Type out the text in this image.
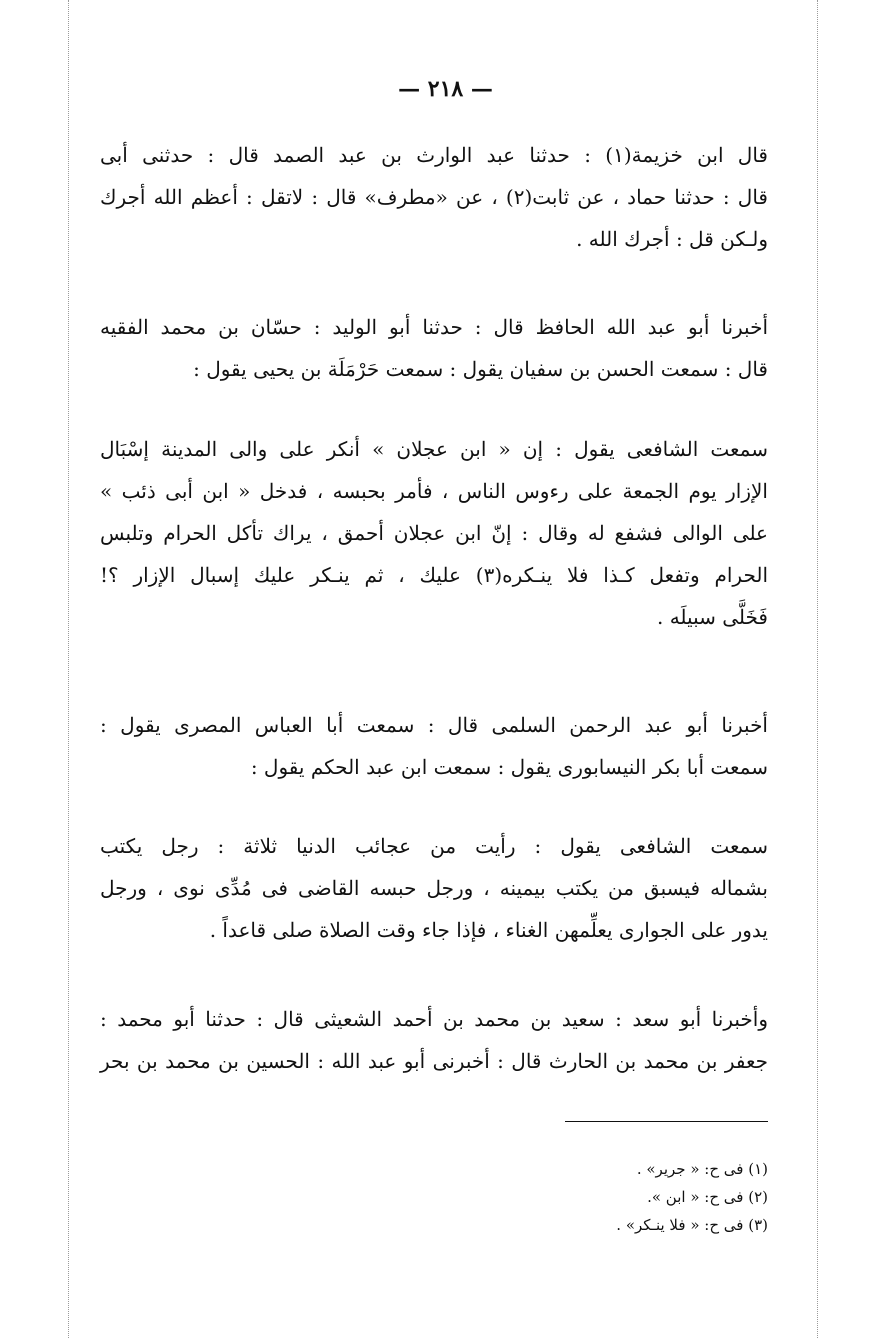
— ٢١٨ —
قال ابن خزيمة(١) : حدثنا عبد الوارث بن عبد الصمد قال : حدثنى أبى
قال : حدثنا حماد ، عن ثابت(٢) ، عن «مطرف» قال : لاتقل : أعظم الله أجرك
ولـكن قل : أجرك الله .
أخبرنا أبو عبد الله الحافظ قال : حدثنا أبو الوليد : حسّان بن محمد الفقيه
قال : سمعت الحسن بن سفيان يقول : سمعت حَرْمَلَة بن يحيى يقول :
سمعت الشافعى يقول : إن « ابن عجلان » أنكر على والى المدينة إسْبَال
الإزار يوم الجمعة على رءوس الناس ، فأمر بحبسه ، فدخل « ابن أبى ذئب »
على الوالى فشفع له وقال : إنّ ابن عجلان أحمق ، يراك تأكل الحرام وتلبس
الحرام وتفعل كـذا فلا ينـكره(٣) عليك ، ثم ينـكر عليك إسبال الإزار ؟!
فَخَلَّى سبيلَه .
أخبرنا أبو عبد الرحمن السلمى قال : سمعت أبا العباس المصرى يقول :
سمعت أبا بكر النيسابورى يقول : سمعت ابن عبد الحكم يقول :
سمعت الشافعى يقول : رأيت من عجائب الدنيا ثلاثة : رجل يكتب
بشماله فيسبق من يكتب بيمينه ، ورجل حبسه القاضى فى مُدِّى نوى ، ورجل
يدور على الجوارى يعلِّمهن الغناء ، فإذا جاء وقت الصلاة صلى قاعداً .
وأخبرنا أبو سعد : سعيد بن محمد بن أحمد الشعيثى قال : حدثنا أبو محمد :
جعفر بن محمد بن الحارث قال : أخبرنى أبو عبد الله : الحسين بن محمد بن بحر
(١) فى ح: « جرير» .
(٢) فى ح: « ابن ».
(٣) فى ح: « فلا ينـكر» .
